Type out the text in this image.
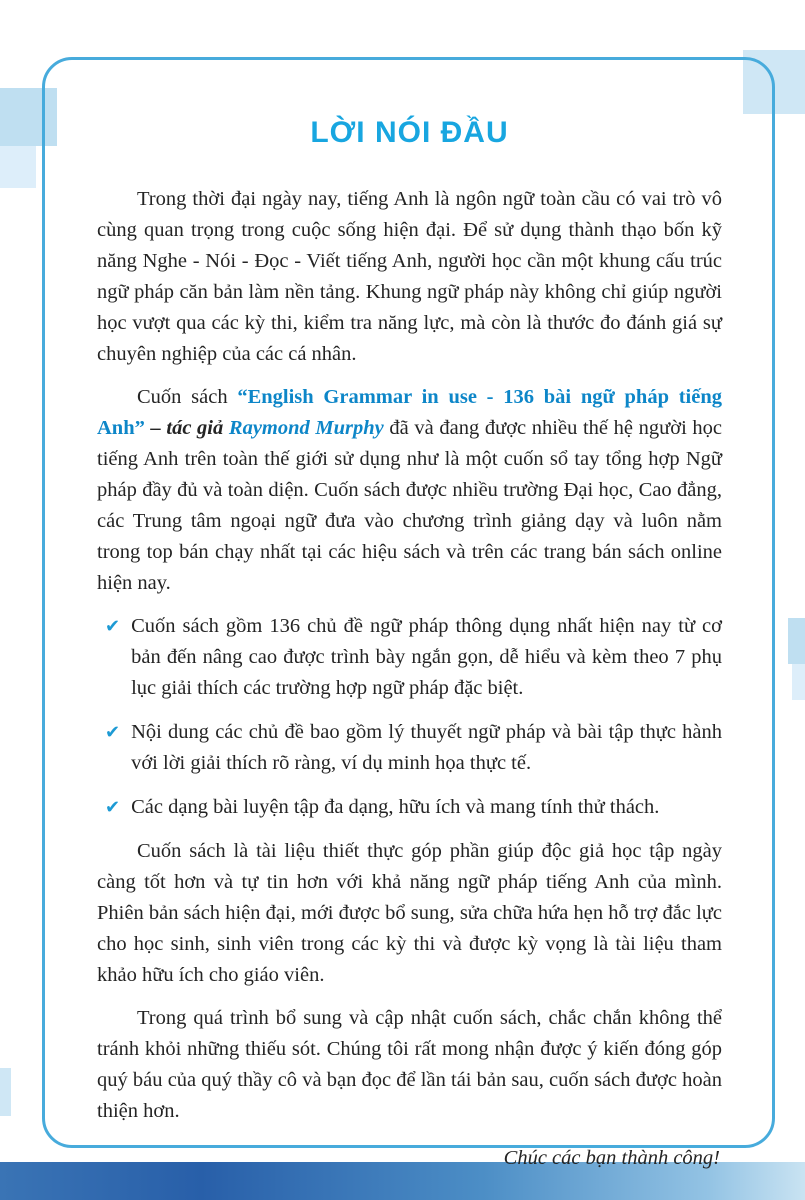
LỜI NÓI ĐẦU

Trong thời đại ngày nay, tiếng Anh là ngôn ngữ toàn cầu có vai trò vô cùng quan trọng trong cuộc sống hiện đại. Để sử dụng thành thạo bốn kỹ năng Nghe - Nói - Đọc - Viết tiếng Anh, người học cần một khung cấu trúc ngữ pháp căn bản làm nền tảng. Khung ngữ pháp này không chỉ giúp người học vượt qua các kỳ thi, kiểm tra năng lực, mà còn là thước đo đánh giá sự chuyên nghiệp của các cá nhân.

Cuốn sách “English Grammar in use - 136 bài ngữ pháp tiếng Anh” – tác giả Raymond Murphy đã và đang được nhiều thế hệ người học tiếng Anh trên toàn thế giới sử dụng như là một cuốn sổ tay tổng hợp Ngữ pháp đầy đủ và toàn diện. Cuốn sách được nhiều trường Đại học, Cao đẳng, các Trung tâm ngoại ngữ đưa vào chương trình giảng dạy và luôn nằm trong top bán chạy nhất tại các hiệu sách và trên các trang bán sách online hiện nay.

✔ Cuốn sách gồm 136 chủ đề ngữ pháp thông dụng nhất hiện nay từ cơ bản đến nâng cao được trình bày ngắn gọn, dễ hiểu và kèm theo 7 phụ lục giải thích các trường hợp ngữ pháp đặc biệt.
✔ Nội dung các chủ đề bao gồm lý thuyết ngữ pháp và bài tập thực hành với lời giải thích rõ ràng, ví dụ minh họa thực tế.
✔ Các dạng bài luyện tập đa dạng, hữu ích và mang tính thử thách.

Cuốn sách là tài liệu thiết thực góp phần giúp độc giả học tập ngày càng tốt hơn và tự tin hơn với khả năng ngữ pháp tiếng Anh của mình. Phiên bản sách hiện đại, mới được bổ sung, sửa chữa hứa hẹn hỗ trợ đắc lực cho học sinh, sinh viên trong các kỳ thi và được kỳ vọng là tài liệu tham khảo hữu ích cho giáo viên.

Trong quá trình bổ sung và cập nhật cuốn sách, chắc chắn không thể tránh khỏi những thiếu sót. Chúng tôi rất mong nhận được ý kiến đóng góp quý báu của quý thầy cô và bạn đọc để lần tái bản sau, cuốn sách được hoàn thiện hơn.

Chúc các bạn thành công!
